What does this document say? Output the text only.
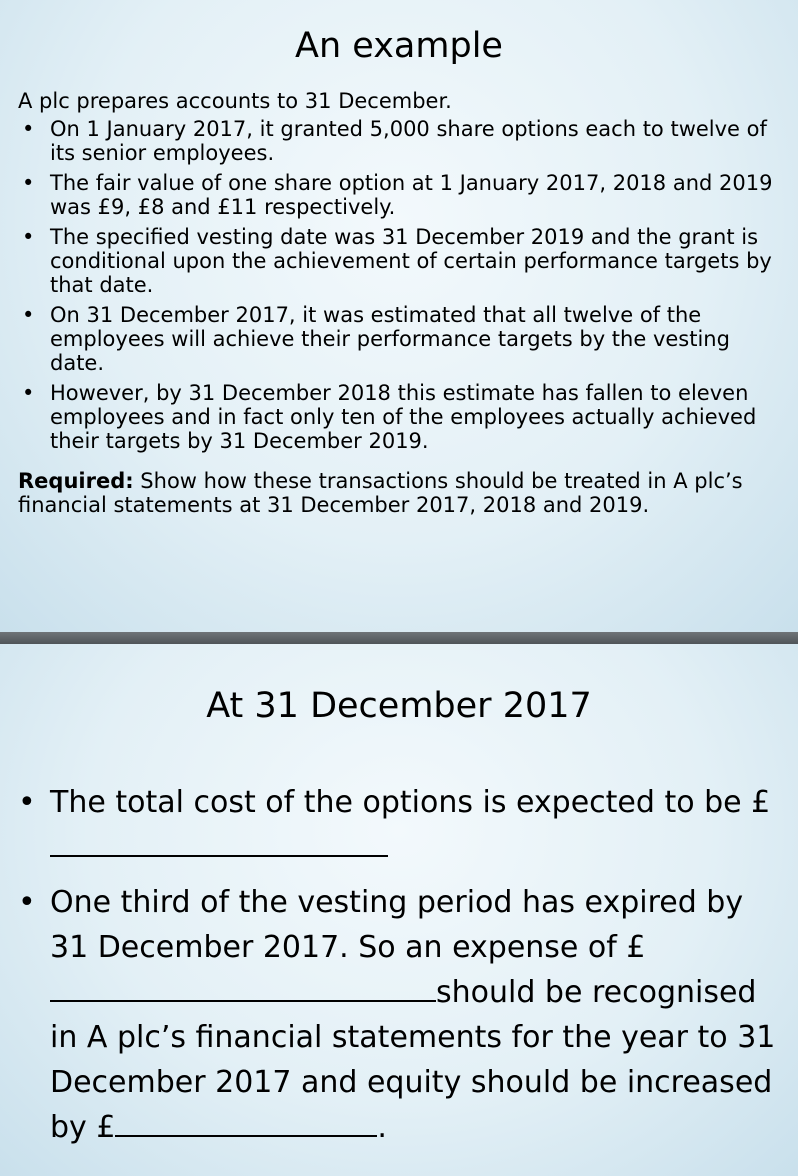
An example

A plc prepares accounts to 31 December.

• On 1 January 2017, it granted 5,000 share options each to twelve of its senior employees.
• The fair value of one share option at 1 January 2017, 2018 and 2019 was £9, £8 and £11 respectively.
• The specified vesting date was 31 December 2019 and the grant is conditional upon the achievement of certain performance targets by that date.
• On 31 December 2017, it was estimated that all twelve of the employees will achieve their performance targets by the vesting date.
• However, by 31 December 2018 this estimate has fallen to eleven employees and in fact only ten of the employees actually achieved their targets by 31 December 2019.

Required: Show how these transactions should be treated in A plc’s financial statements at 31 December 2017, 2018 and 2019.

At 31 December 2017
• The total cost of the options is expected to be £
• One third of the vesting period has expired by 31 December 2017. So an expense of £should be recognised in A plc’s financial statements for the year to 31 December 2017 and equity should be increased by £	.
